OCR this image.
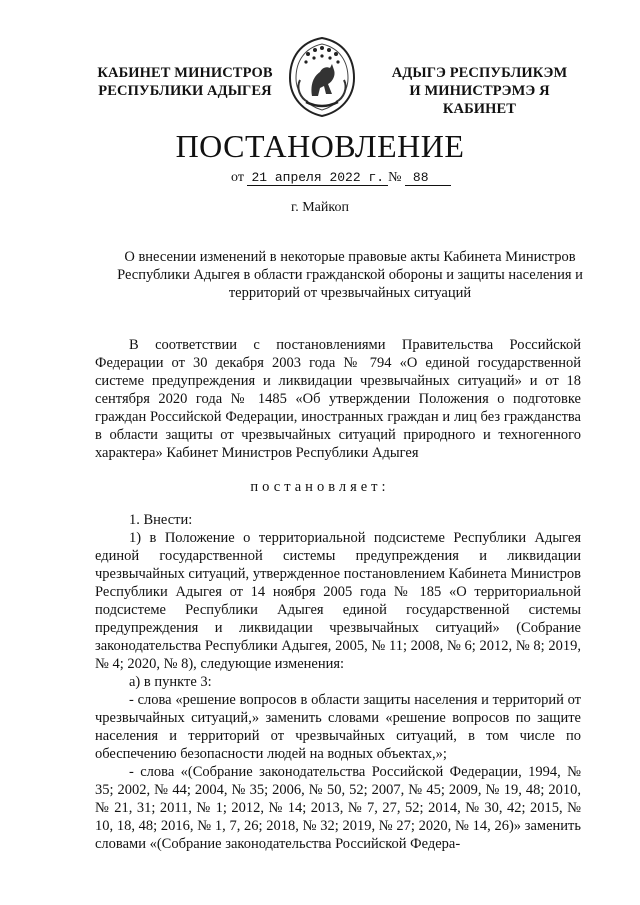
КАБИНЕТ МИНИСТРОВ
РЕСПУБЛИКИ АДЫГЕЯ
АДЫГЭ РЕСПУБЛИКЭМ
И МИНИСТРЭМЭ Я КАБИНЕТ
ПОСТАНОВЛЕНИЕ
от 21 апреля 2022 г. № 88
г. Майкоп
О внесении изменений в некоторые правовые акты Кабинета Министров Республики Адыгея в области гражданской обороны и защиты населения и территорий от чрезвычайных ситуаций
В соответствии с постановлениями Правительства Российской Федерации от 30 декабря 2003 года № 794 «О единой государственной системе предупреждения и ликвидации чрезвычайных ситуаций» и от 18 сентября 2020 года № 1485 «Об утверждении Положения о подготовке граждан Российской Федерации, иностранных граждан и лиц без гражданства в области защиты от чрезвычайных ситуаций природного и техногенного характера» Кабинет Министров Республики Адыгея
постановляет:

1. Внести:

1) в Положение о территориальной подсистеме Республики Адыгея единой государственной системы предупреждения и ликвидации чрезвычайных ситуаций, утвержденное постановлением Кабинета Министров Республики Адыгея от 14 ноября 2005 года № 185 «О территориальной подсистеме Республики Адыгея единой государственной системы предупреждения и ликвидации чрезвычайных ситуаций» (Собрание законодательства Республики Адыгея, 2005, № 11; 2008, № 6; 2012, № 8; 2019, № 4; 2020, № 8), следующие изменения:

а) в пункте 3:

- слова «решение вопросов в области защиты населения и территорий от чрезвычайных ситуаций,» заменить словами «решение вопросов по защите населения и территорий от чрезвычайных ситуаций, в том числе по обеспечению безопасности людей на водных объектах,»;

- слова «(Собрание законодательства Российской Федерации, 1994, № 35; 2002, № 44; 2004, № 35; 2006, № 50, 52; 2007, № 45; 2009, № 19, 48; 2010, № 21, 31; 2011, № 1; 2012, № 14; 2013, № 7, 27, 52; 2014, № 30, 42; 2015, № 10, 18, 48; 2016, № 1, 7, 26; 2018, № 32; 2019, № 27; 2020, № 14, 26)» заменить словами «(Собрание законодательства Российской Федера-
